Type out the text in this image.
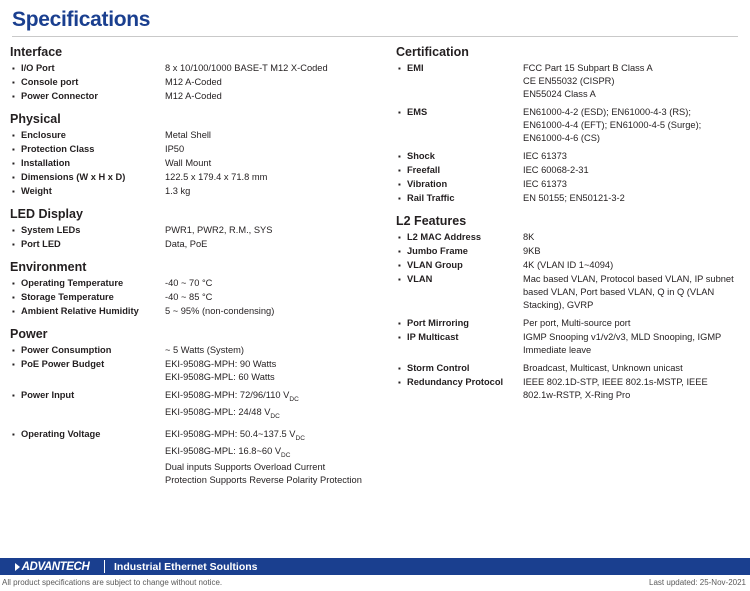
Specifications
Interface
▪ I/O Port	8 x 10/100/1000 BASE-T M12 X-Coded
▪ Console port	M12 A-Coded
▪ Power Connector	M12 A-Coded
Physical
▪ Enclosure	Metal Shell
▪ Protection Class	IP50
▪ Installation	Wall Mount
▪ Dimensions (W x H x D)	122.5 x 179.4 x 71.8 mm
▪ Weight	1.3 kg
LED Display
▪ System LEDs	PWR1, PWR2, R.M., SYS
▪ Port LED	Data, PoE
Environment
▪ Operating Temperature	-40 ~ 70 °C
▪ Storage Temperature	-40 ~ 85 °C
▪ Ambient Relative Humidity	5 ~ 95% (non-condensing)
Power
▪ Power Consumption	~ 5 Watts (System)
▪ PoE Power Budget	EKI-9508G-MPH: 90 Watts
EKI-9508G-MPL: 60 Watts
▪ Power Input	EKI-9508G-MPH: 72/96/110 $V_{DC}$
EKI-9508G-MPL: 24/48 $V_{DC}$
▪ Operating Voltage	EKI-9508G-MPH: 50.4~137.5 $V_{DC}$
EKI-9508G-MPL: 16.8~60 $V_{DC}$
Dual inputs Supports Overload Current
Protection Supports Reverse Polarity Protection
Certification
▪ EMI	FCC Part 15 Subpart B Class A
CE EN55032 (CISPR)
EN55024 Class A
▪ EMS	EN61000-4-2 (ESD); EN61000-4-3 (RS);
EN61000-4-4 (EFT); EN61000-4-5 (Surge);
EN61000-4-6 (CS)
▪ Shock	IEC 61373
▪ Freefall	IEC 60068-2-31
▪ Vibration	IEC 61373
▪ Rail Traffic	EN 50155; EN50121-3-2
L2 Features
▪ L2 MAC Address	8K
▪ Jumbo Frame	9KB
▪ VLAN Group	4K (VLAN ID 1~4094)
▪ VLAN	Mac based VLAN, Protocol based VLAN, IP subnet
based VLAN, Port based VLAN, Q in Q (VLAN
Stacking), GVRP
▪ Port Mirroring	Per port, Multi-source port
▪ IP Multicast	IGMP Snooping v1/v2/v3, MLD Snooping, IGMP
Immediate leave
▪ Storm Control	Broadcast, Multicast, Unknown unicast
▪ Redundancy Protocol	IEEE 802.1D-STP, IEEE 802.1s-MSTP, IEEE
802.1w-RSTP, X-Ring Pro
ADVANTECH	Industrial Ethernet Soultions
All product specifications are subject to change without notice.	Last updated: 25-Nov-2021
